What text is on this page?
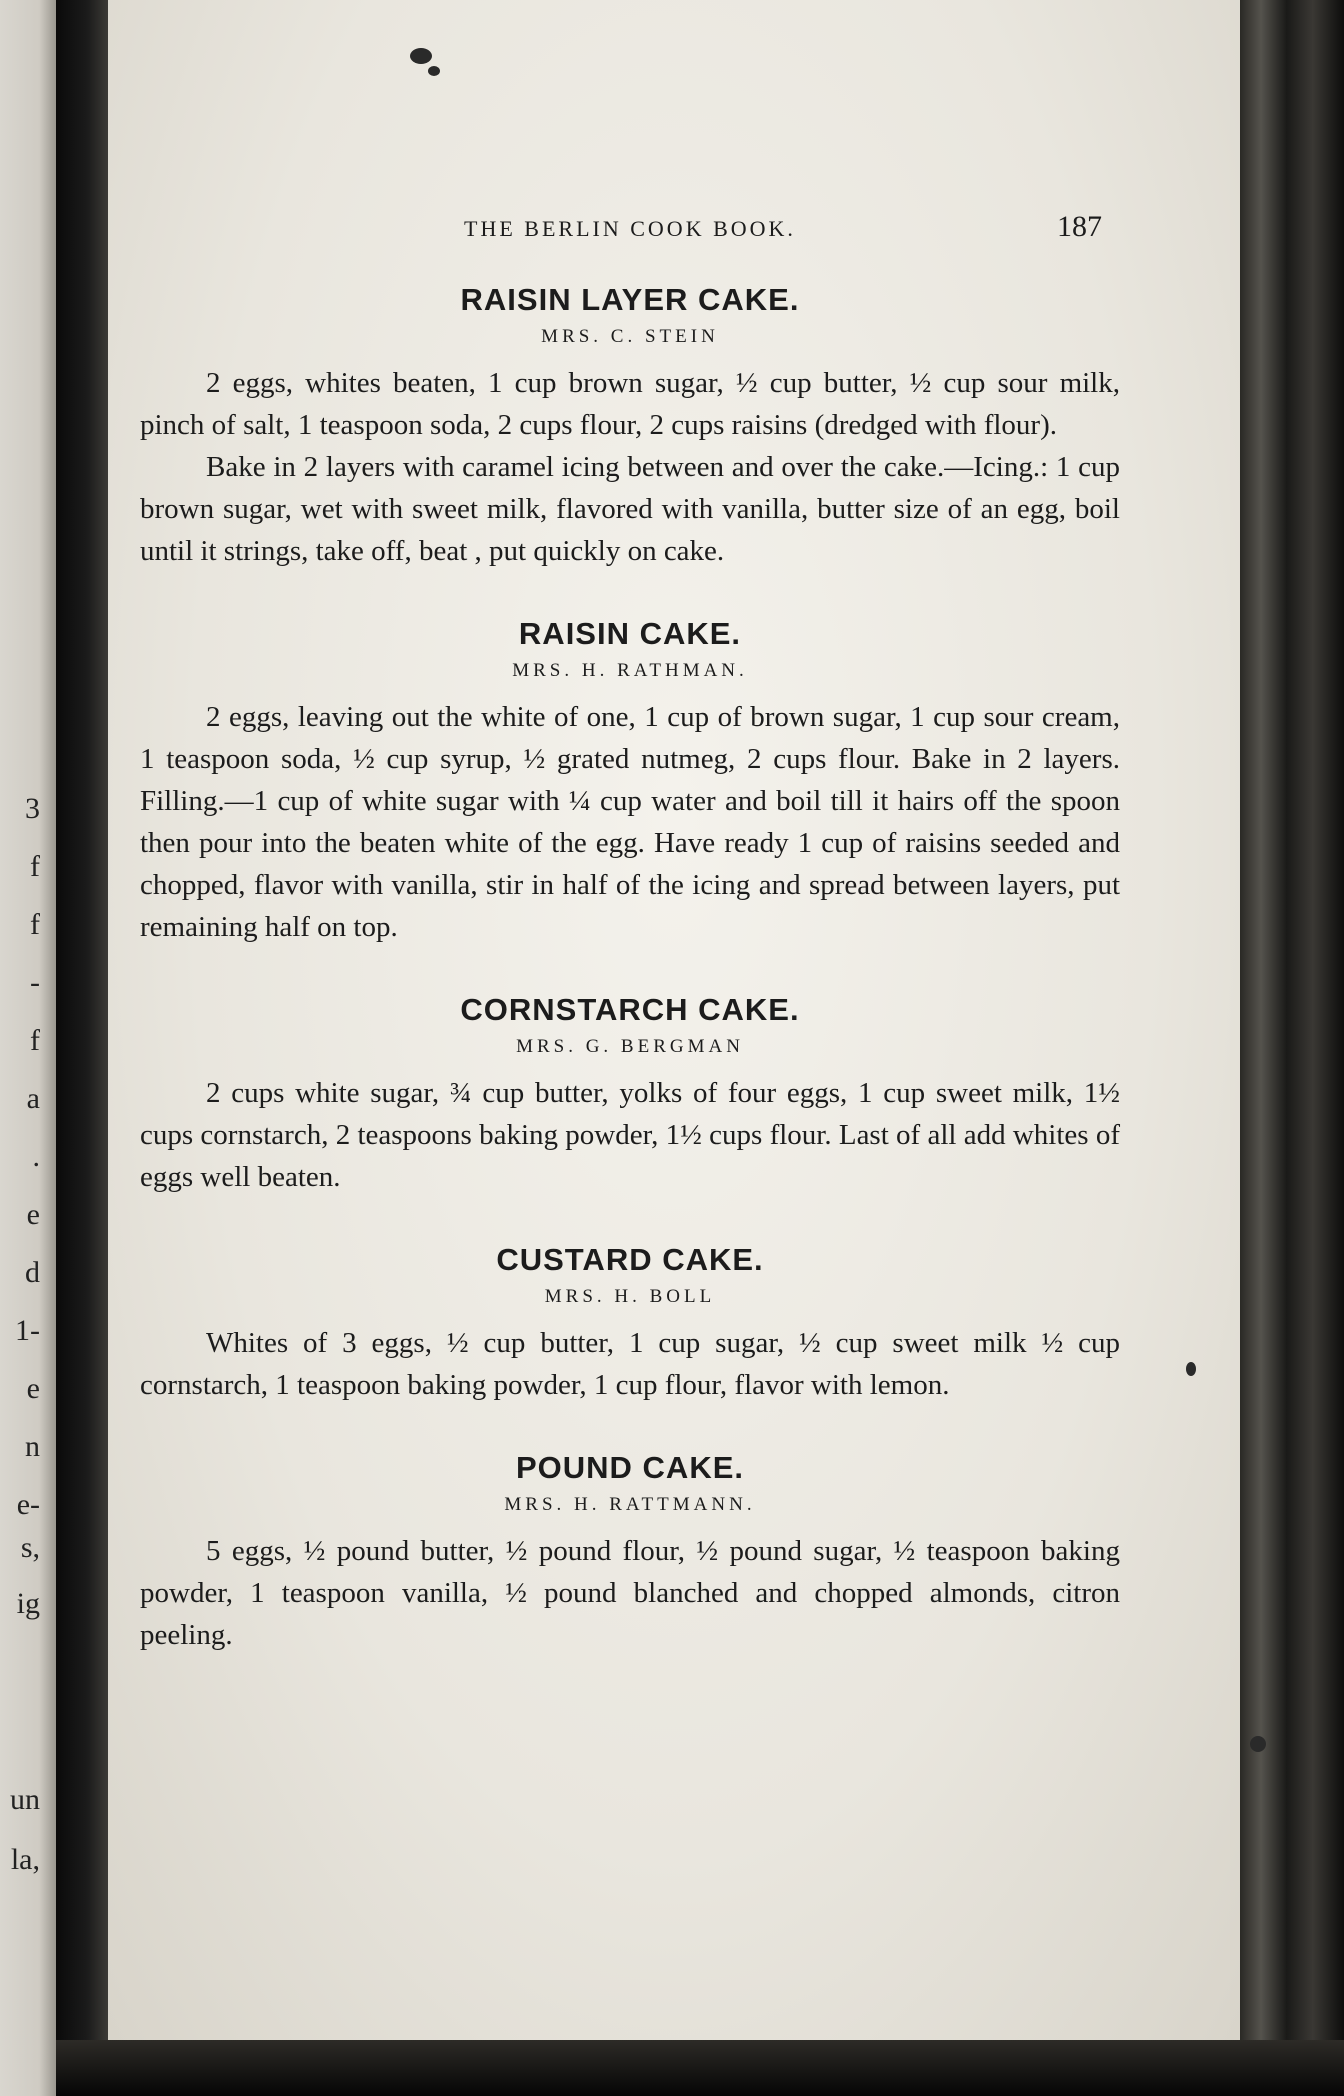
3
f
f
-
f
a
.
e
d
1-
e
n
e-
s,
ig
un
la,
THE BERLIN COOK BOOK.	187
RAISIN LAYER CAKE.
MRS. C. STEIN

2 eggs, whites beaten, 1 cup brown sugar, ½ cup butter, ½ cup sour milk, pinch of salt, 1 teaspoon soda, 2 cups flour, 2 cups raisins (dredged with flour).

Bake in 2 layers with caramel icing between and over the cake.—Icing.: 1 cup brown sugar, wet with sweet milk, flavored with vanilla, butter size of an egg, boil until it strings, take off, beat , put quickly on cake.

RAISIN CAKE.
MRS. H. RATHMAN.

2 eggs, leaving out the white of one, 1 cup of brown sugar, 1 cup sour cream, 1 teaspoon soda, ½ cup syrup, ½ grated nutmeg, 2 cups flour. Bake in 2 layers. Filling.—1 cup of white sugar with ¼ cup water and boil till it hairs off the spoon then pour into the beaten white of the egg. Have ready 1 cup of raisins seeded and chopped, flavor with vanilla, stir in half of the icing and spread between layers, put remaining half on top.

CORNSTARCH CAKE.
MRS. G. BERGMAN

2 cups white sugar, ¾ cup butter, yolks of four eggs, 1 cup sweet milk, 1½ cups cornstarch, 2 teaspoons baking powder, 1½ cups flour. Last of all add whites of eggs well beaten.

CUSTARD CAKE.
MRS. H. BOLL

Whites of 3 eggs, ½ cup butter, 1 cup sugar, ½ cup sweet milk ½ cup cornstarch, 1 teaspoon baking powder, 1 cup flour, flavor with lemon.

POUND CAKE.
MRS. H. RATTMANN.

5 eggs, ½ pound butter, ½ pound flour, ½ pound sugar, ½ teaspoon baking powder, 1 teaspoon vanilla, ½ pound blanched and chopped almonds, citron peeling.
